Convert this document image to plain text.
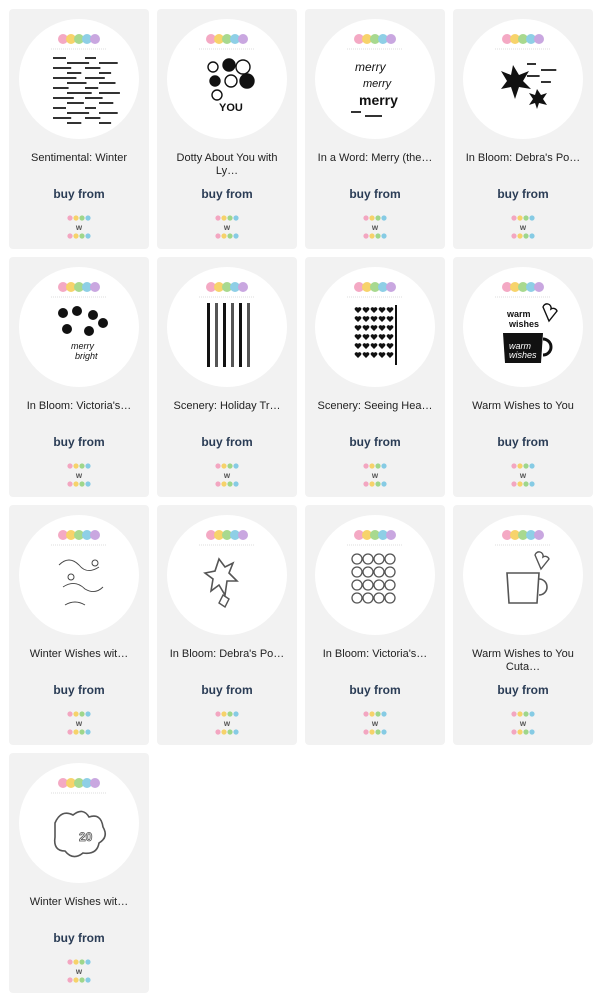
Sentimental: Winter
buy from
w
YOU
Dotty About You with Ly…
buy from
w
merry
merry
merry
In a Word: Merry (the…
buy from
w
In Bloom: Debra's Po…
buy from
w
merry
bright
In Bloom: Victoria's…
buy from
w
Scenery: Holiday Tr…
buy from
w
Scenery: Seeing Hea…
buy from
w
warm
wishes
warm
wishes
Warm Wishes to You
buy from
w
Winter Wishes wit…
buy from
w
In Bloom: Debra's Po…
buy from
w
In Bloom: Victoria's…
buy from
w
Warm Wishes to You Cuta…
buy from
w
20
Winter Wishes wit…
buy from
w
